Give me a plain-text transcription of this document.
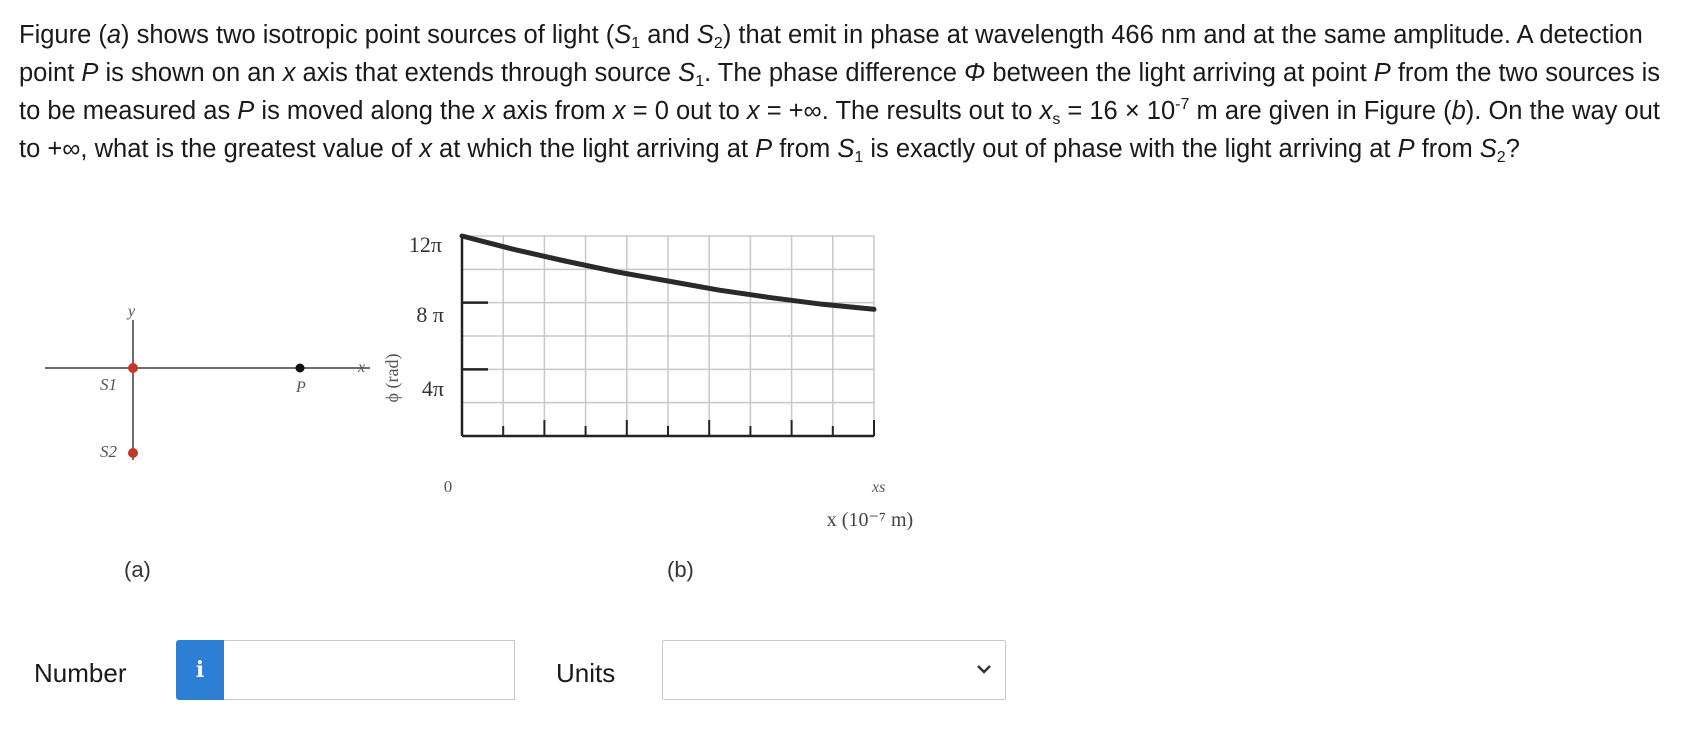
Figure (a) shows two isotropic point sources of light ($S_1$ and $S_2$) that emit in phase at wavelength 466 nm and at the same amplitude. A detection point P is shown on an x axis that extends through source $S_1$. The phase difference Φ between the light arriving at point P from the two sources is to be measured as P is moved along the x axis from x = 0 out to x = +∞. The results out to $x_s = 16 \times 10^{-7}$ m are given in Figure (b). On the way out to +∞, what is the greatest value of x at which the light arriving at P from $S_1$ is exactly out of phase with the light arriving at P from $S_2$?
y
x
S1
S2
P
(a)
ϕ (rad)
12π
8 π
4π
0
x (10⁻⁷ m)
xs
(b)
Number	i	Units
